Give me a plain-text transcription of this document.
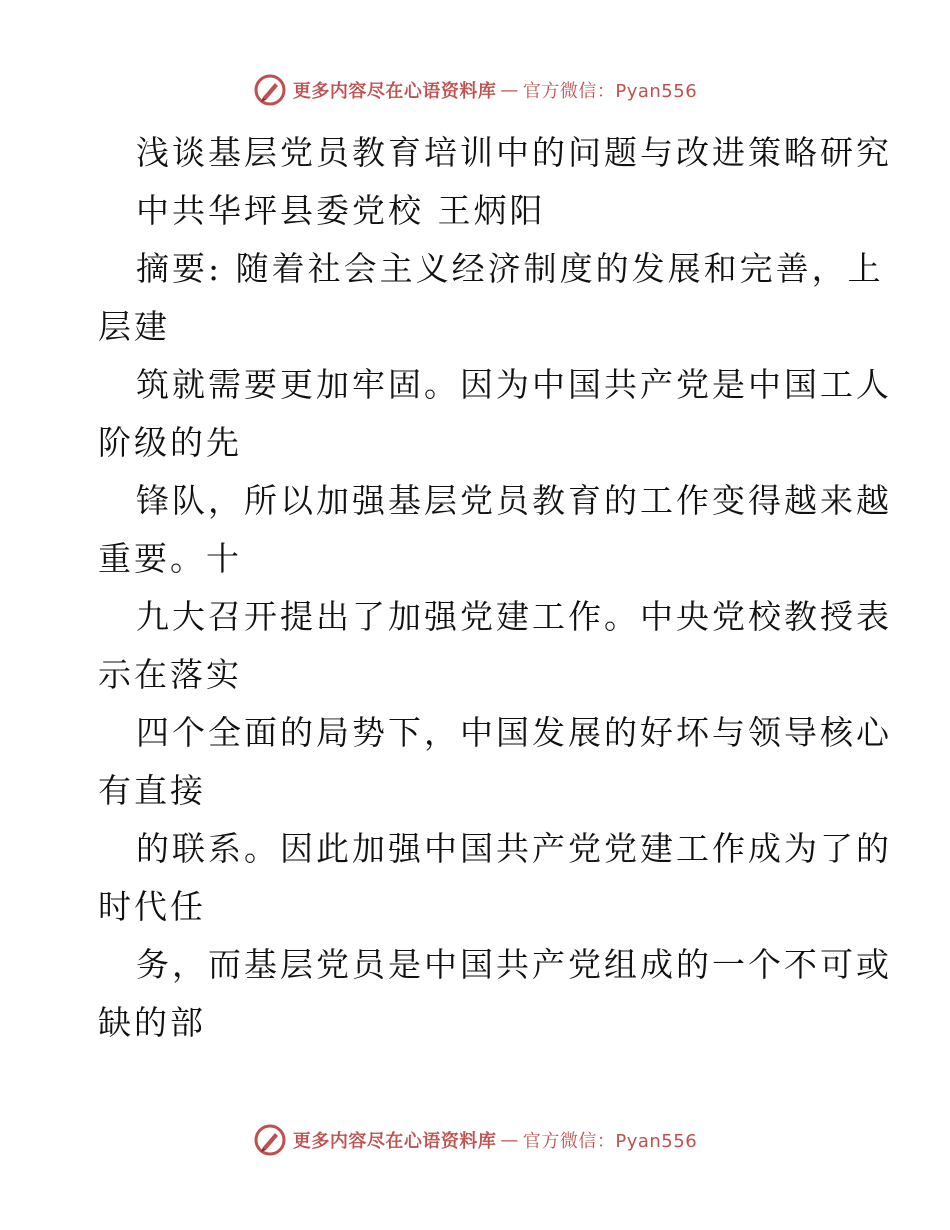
更多内容尽在心语资料库 — 官方微信：Pyan556
浅谈基层党员教育培训中的问题与改进策略研究
中共华坪县委党校 王炳阳
摘要: 随着社会主义经济制度的发展和完善，上
层建
筑就需要更加牢固。因为中国共产党是中国工人
阶级的先
锋队，所以加强基层党员教育的工作变得越来越
重要。十
九大召开提出了加强党建工作。中央党校教授表
示在落实
四个全面的局势下，中国发展的好坏与领导核心
有直接
的联系。因此加强中国共产党党建工作成为了的
时代任
务，而基层党员是中国共产党组成的一个不可或
缺的部
更多内容尽在心语资料库 — 官方微信：Pyan556
